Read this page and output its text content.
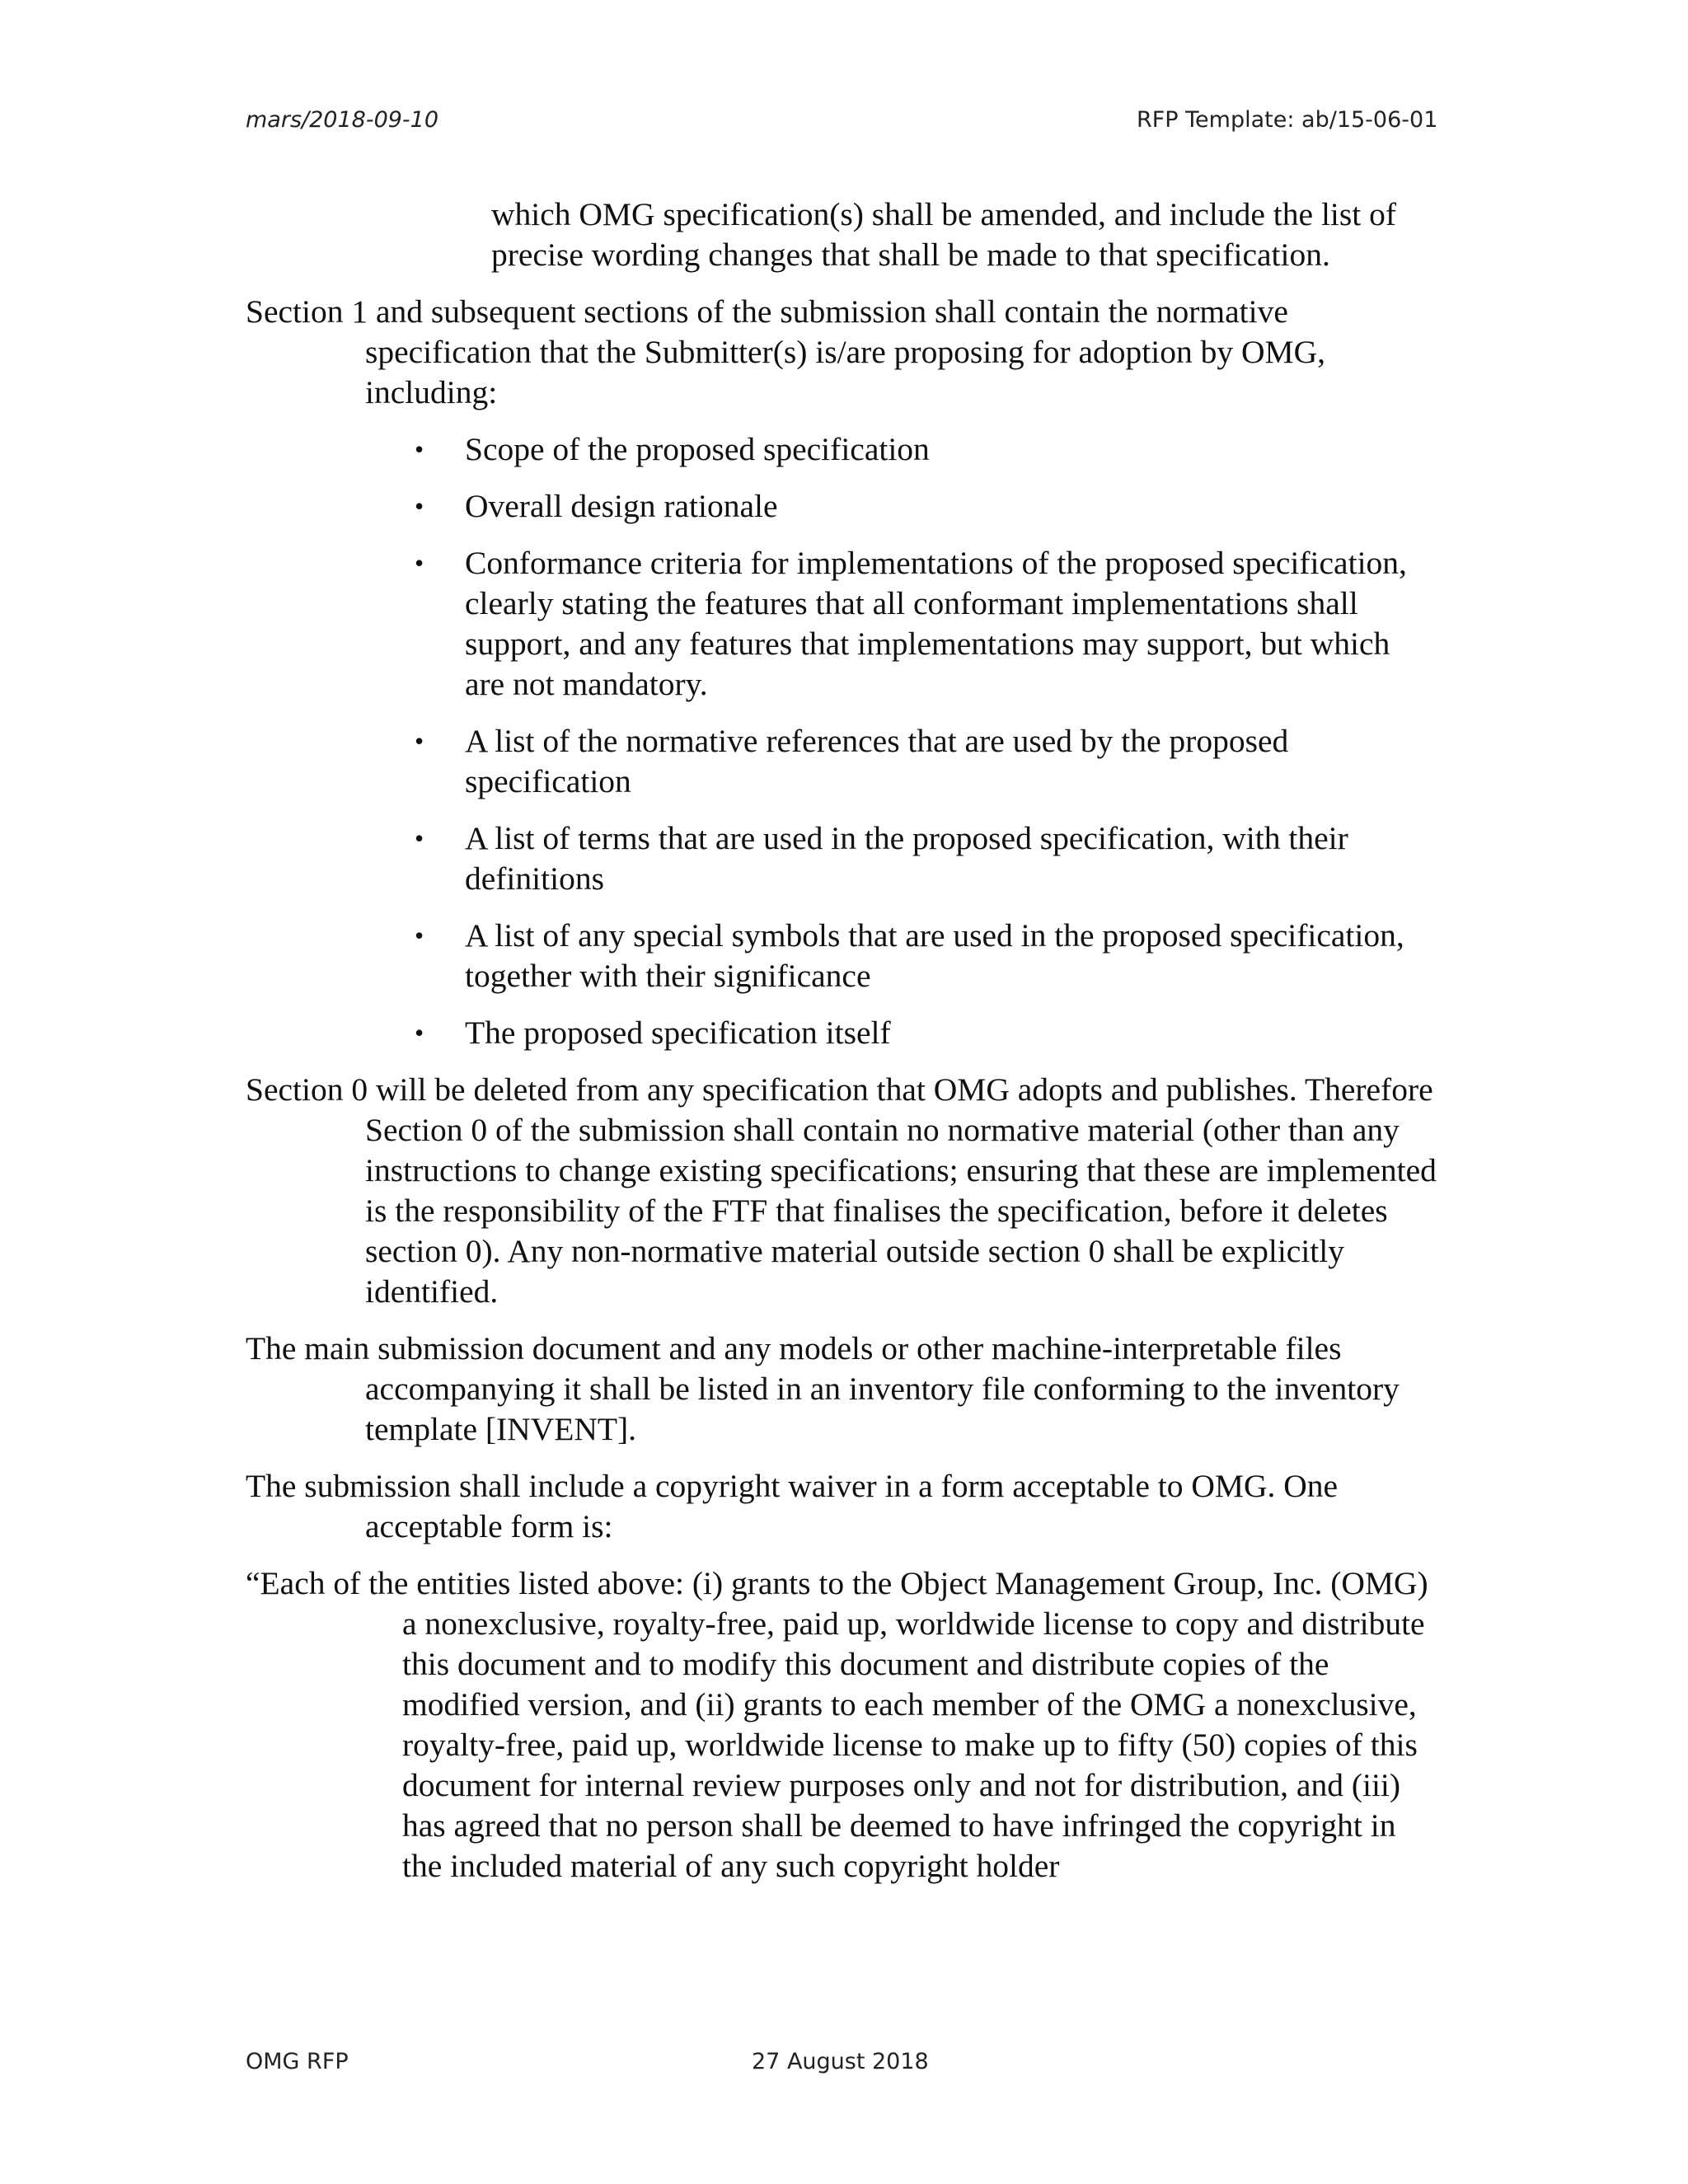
mars/2018-09-10	RFP Template: ab/15-06-01

which OMG specification(s) shall be amended, and include the list of precise wording changes that shall be made to that specification.

Section 1 and subsequent sections of the submission shall contain the normative specification that the Submitter(s) is/are proposing for adoption by OMG, including:

• Scope of the proposed specification
• Overall design rationale
• Conformance criteria for implementations of the proposed specification, clearly stating the features that all conformant implementations shall support, and any features that implementations may support, but which are not mandatory.
• A list of the normative references that are used by the proposed specification
• A list of terms that are used in the proposed specification, with their definitions
• A list of any special symbols that are used in the proposed specification, together with their significance
• The proposed specification itself

Section 0 will be deleted from any specification that OMG adopts and publishes. Therefore Section 0 of the submission shall contain no normative material (other than any instructions to change existing specifications; ensuring that these are implemented is the responsibility of the FTF that finalises the specification, before it deletes section 0). Any non-normative material outside section 0 shall be explicitly identified.

The main submission document and any models or other machine-interpretable files accompanying it shall be listed in an inventory file conforming to the inventory template [INVENT].

The submission shall include a copyright waiver in a form acceptable to OMG. One acceptable form is:

“Each of the entities listed above: (i) grants to the Object Management Group, Inc. (OMG) a nonexclusive, royalty-free, paid up, worldwide license to copy and distribute this document and to modify this document and distribute copies of the modified version, and (ii) grants to each member of the OMG a nonexclusive, royalty-free, paid up, worldwide license to make up to fifty (50) copies of this document for internal review purposes only and not for distribution, and (iii) has agreed that no person shall be deemed to have infringed the copyright in the included material of any such copyright holder

OMG RFP	27 August 2018
